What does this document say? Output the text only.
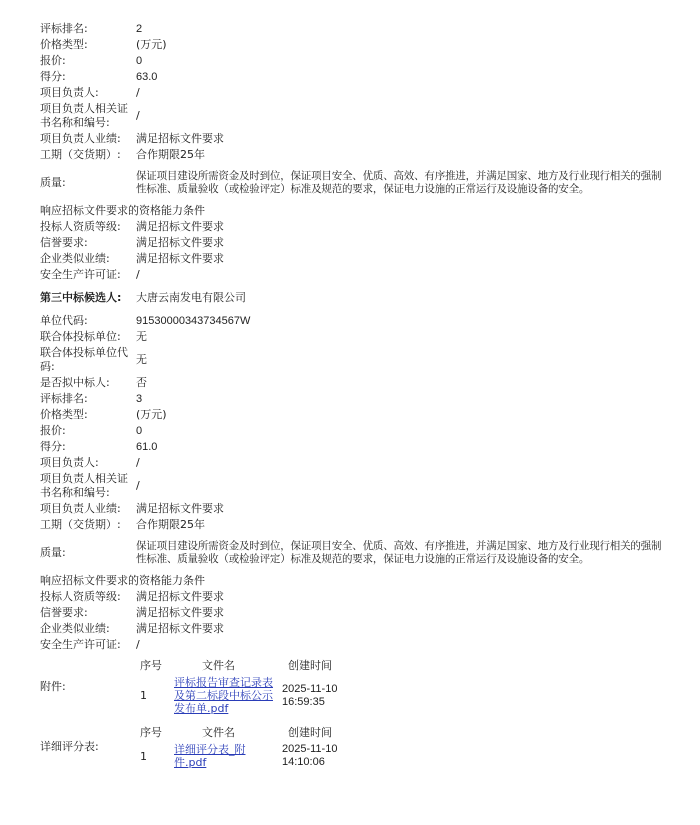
评标排名:	2
价格类型:	(万元)
报价:	0
得分:	63.0
项目负责人:	/
项目负责人相关证书名称和编号:
/
项目负责人业绩:	满足招标文件要求
工期（交货期）:	合作期限25年
质量:	保证项目建设所需资金及时到位，保证项目安全、优质、高效、有序推进，并满足国家、地方及行业现行相关的强制性标准、质量验收（或检验评定）标准及规范的要求，保证电力设施的正常运行及设施设备的安全。
响应招标文件要求的资格能力条件
投标人资质等级:	满足招标文件要求
信誉要求:	满足招标文件要求
企业类似业绩:	满足招标文件要求
安全生产许可证:	/
第三中标候选人:	大唐云南发电有限公司
单位代码:	91530000343734567W
联合体投标单位:	无
联合体投标单位代码:
无
是否拟中标人:	否
评标排名:	3
价格类型:	(万元)
报价:	0
得分:	61.0
项目负责人:	/
项目负责人相关证书名称和编号:
/
项目负责人业绩:	满足招标文件要求
工期（交货期）:	合作期限25年
质量:	保证项目建设所需资金及时到位，保证项目安全、优质、高效、有序推进，并满足国家、地方及行业现行相关的强制性标准、质量验收（或检验评定）标准及规范的要求，保证电力设施的正常运行及设施设备的安全。
响应招标文件要求的资格能力条件
投标人资质等级:	满足招标文件要求
信誉要求:	满足招标文件要求
企业类似业绩:	满足招标文件要求
安全生产许可证:	/
附件:
序号	文件名	创建时间
1	评标报告审查记录表及第二标段中标公示发布单.pdf	2025-11-10 16:59:35
详细评分表:
序号	文件名	创建时间
1	详细评分表_附件.pdf	2025-11-10 14:10:06
